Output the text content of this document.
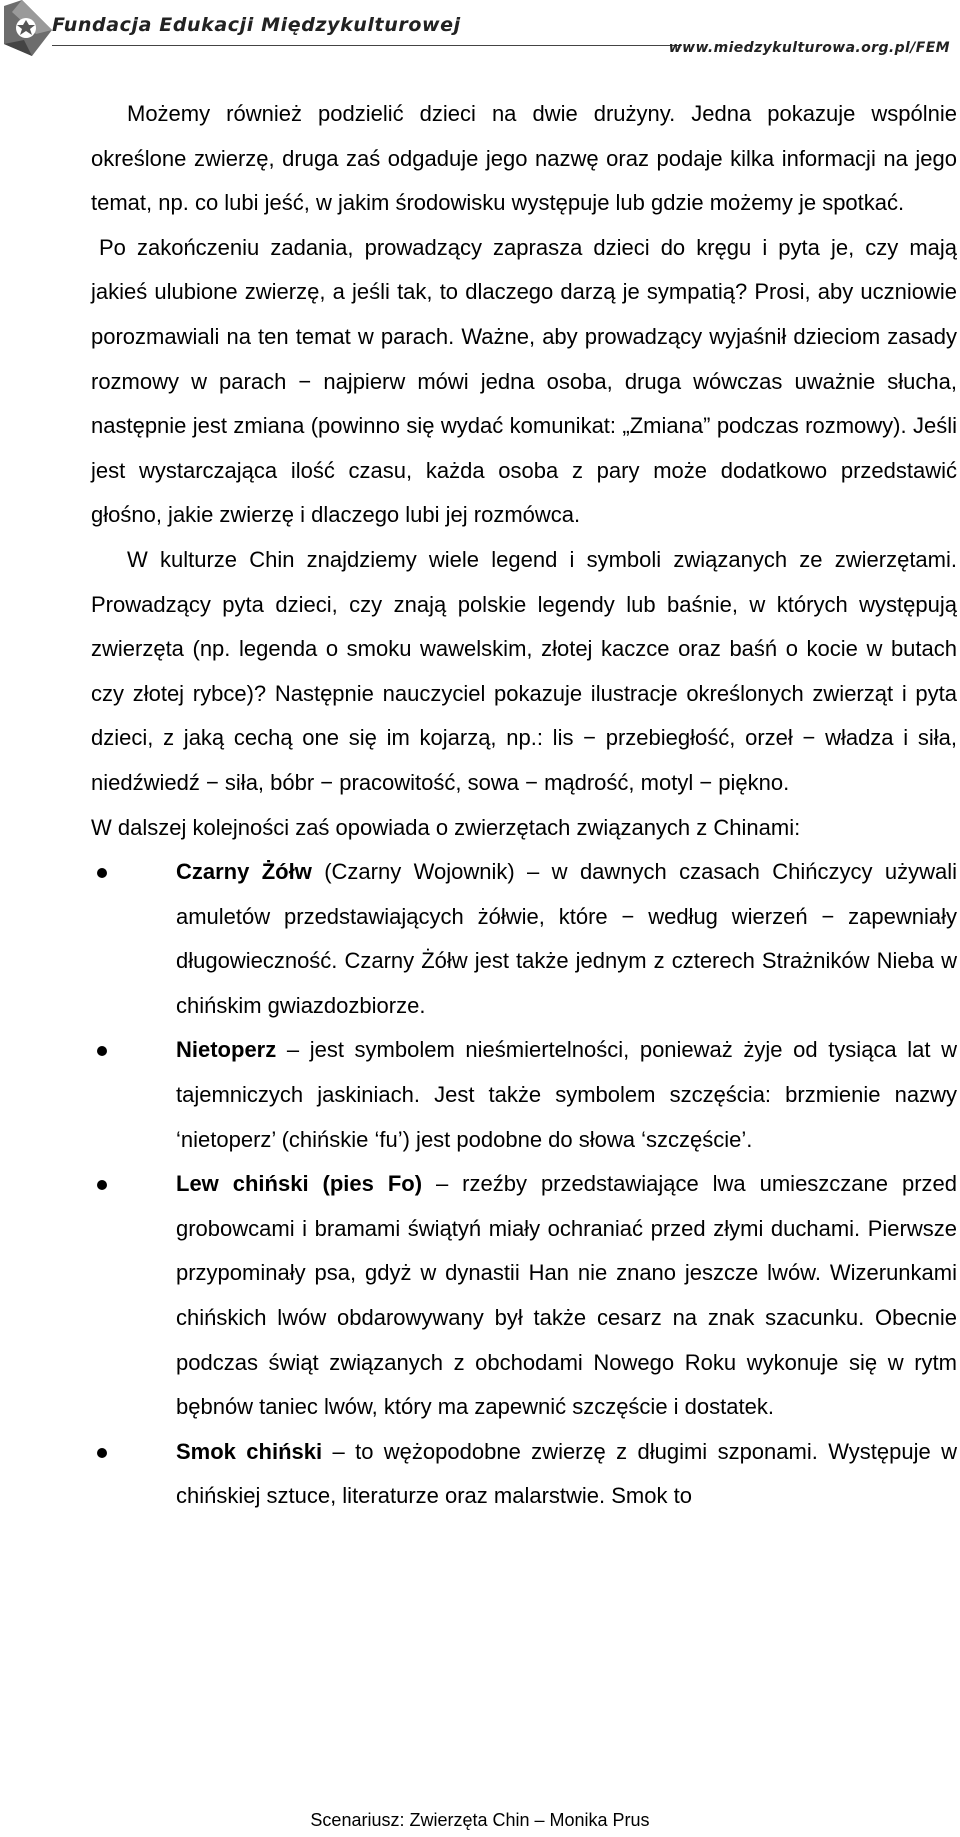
Fundacja Edukacji Międzykulturowej
www.miedzykulturowa.org.pl/FEM

Możemy również podzielić dzieci na dwie drużyny. Jedna pokazuje wspólnie określone zwierzę, druga zaś odgaduje jego nazwę oraz podaje kilka informacji na jego temat, np. co lubi jeść, w jakim środowisku występuje lub gdzie możemy je spotkać.

Po zakończeniu zadania, prowadzący zaprasza dzieci do kręgu i pyta je, czy mają jakieś ulubione zwierzę, a jeśli tak, to dlaczego darzą je sympatią? Prosi, aby uczniowie porozmawiali na ten temat w parach. Ważne, aby prowadzący wyjaśnił dzieciom zasady rozmowy w parach − najpierw mówi jedna osoba, druga wówczas uważnie słucha, następnie jest zmiana (powinno się wydać komunikat: „Zmiana” podczas rozmowy). Jeśli jest wystarczająca ilość czasu, każda osoba z pary może dodatkowo przedstawić głośno, jakie zwierzę i dlaczego lubi jej rozmówca.

W kulturze Chin znajdziemy wiele legend i symboli związanych ze zwierzętami. Prowadzący pyta dzieci, czy znają polskie legendy lub baśnie, w których występują zwierzęta (np. legenda o smoku wawelskim, złotej kaczce oraz baśń o kocie w butach czy złotej rybce)? Następnie nauczyciel pokazuje ilustracje określonych zwierząt i pyta dzieci, z jaką cechą one się im kojarzą, np.: lis − przebiegłość, orzeł − władza i siła, niedźwiedź − siła, bóbr − pracowitość, sowa − mądrość, motyl − piękno.

W dalszej kolejności zaś opowiada o zwierzętach związanych z Chinami:

Czarny Żółw (Czarny Wojownik) – w dawnych czasach Chińczycy używali amuletów przedstawiających żółwie, które − według wierzeń − zapewniały długowieczność. Czarny Żółw jest także jednym z czterech Strażników Nieba w chińskim gwiazdozbiorze.
Nietoperz – jest symbolem nieśmiertelności, ponieważ żyje od tysiąca lat w tajemniczych jaskiniach. Jest także symbolem szczęścia: brzmienie nazwy ‘nietoperz’ (chińskie ‘fu’) jest podobne do słowa ‘szczęście’.
Lew chiński (pies Fo) – rzeźby przedstawiające lwa umieszczane przed grobowcami i bramami świątyń miały ochraniać przed złymi duchami. Pierwsze przypominały psa, gdyż w dynastii Han nie znano jeszcze lwów. Wizerunkami chińskich lwów obdarowywany był także cesarz na znak szacunku. Obecnie podczas świąt związanych z obchodami Nowego Roku wykonuje się w rytm bębnów taniec lwów, który ma zapewnić szczęście i dostatek.
Smok chiński – to wężopodobne zwierzę z długimi szponami. Występuje w chińskiej sztuce, literaturze oraz malarstwie. Smok to
Scenariusz: Zwierzęta Chin – Monika Prus
